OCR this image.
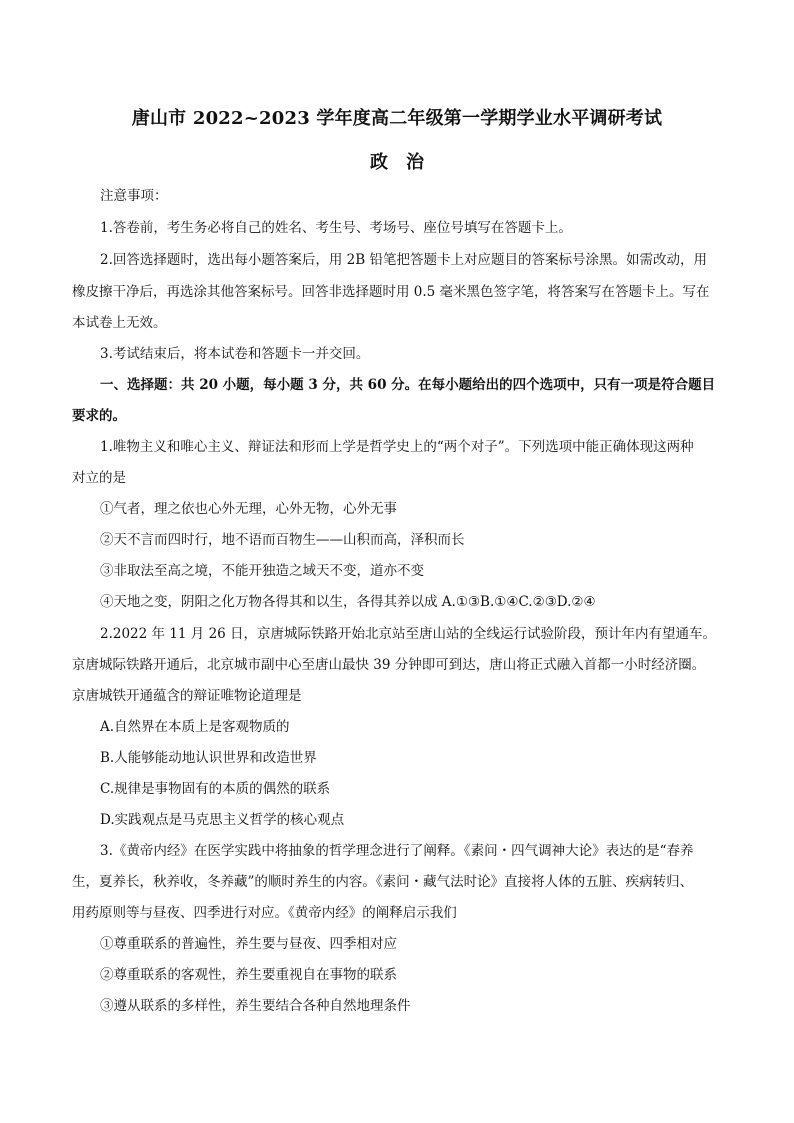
唐山市 2022~2023 学年度高二年级第一学期学业水平调研考试
政　治
注意事项：
1.答卷前，考生务必将自己的姓名、考生号、考场号、座位号填写在答题卡上。
2.回答选择题时，选出每小题答案后，用 2B 铅笔把答题卡上对应题目的答案标号涂黑。如需改动，用
橡皮擦干净后，再选涂其他答案标号。回答非选择题时用 0.5 毫米黑色签字笔，将答案写在答题卡上。写在
本试卷上无效。
3.考试结束后，将本试卷和答题卡一并交回。
一、选择题：共 20 小题，每小题 3 分，共 60 分。在每小题给出的四个选项中，只有一项是符合题目
要求的。
1.唯物主义和唯心主义、辩证法和形而上学是哲学史上的“两个对子”。下列选项中能正确体现这两种
对立的是
①气者，理之依也心外无理，心外无物，心外无事
②天不言而四时行，地不语而百物生——山积而高，泽积而长
③非取法至高之境，不能开独造之域天不变，道亦不变
④天地之变，阴阳之化万物各得其和以生，各得其养以成 A.①③B.①④C.②③D.②④
2.2022 年 11 月 26 日，京唐城际铁路开始北京站至唐山站的全线运行试验阶段，预计年内有望通车。
京唐城际铁路开通后，北京城市副中心至唐山最快 39 分钟即可到达，唐山将正式融入首都一小时经济圈。
京唐城铁开通蕴含的辩证唯物论道理是
A.自然界在本质上是客观物质的
B.人能够能动地认识世界和改造世界
C.规律是事物固有的本质的偶然的联系
D.实践观点是马克思主义哲学的核心观点
3.《黄帝内经》在医学实践中将抽象的哲学理念进行了阐释。《素问・四气调神大论》表达的是“春养
生，夏养长，秋养收，冬养藏”的顺时养生的内容。《素问・藏气法时论》直接将人体的五脏、疾病转归、
用药原则等与昼夜、四季进行对应。《黄帝内经》的阐释启示我们
①尊重联系的普遍性，养生要与昼夜、四季相对应
②尊重联系的客观性，养生要重视自在事物的联系
③遵从联系的多样性，养生要结合各种自然地理条件
